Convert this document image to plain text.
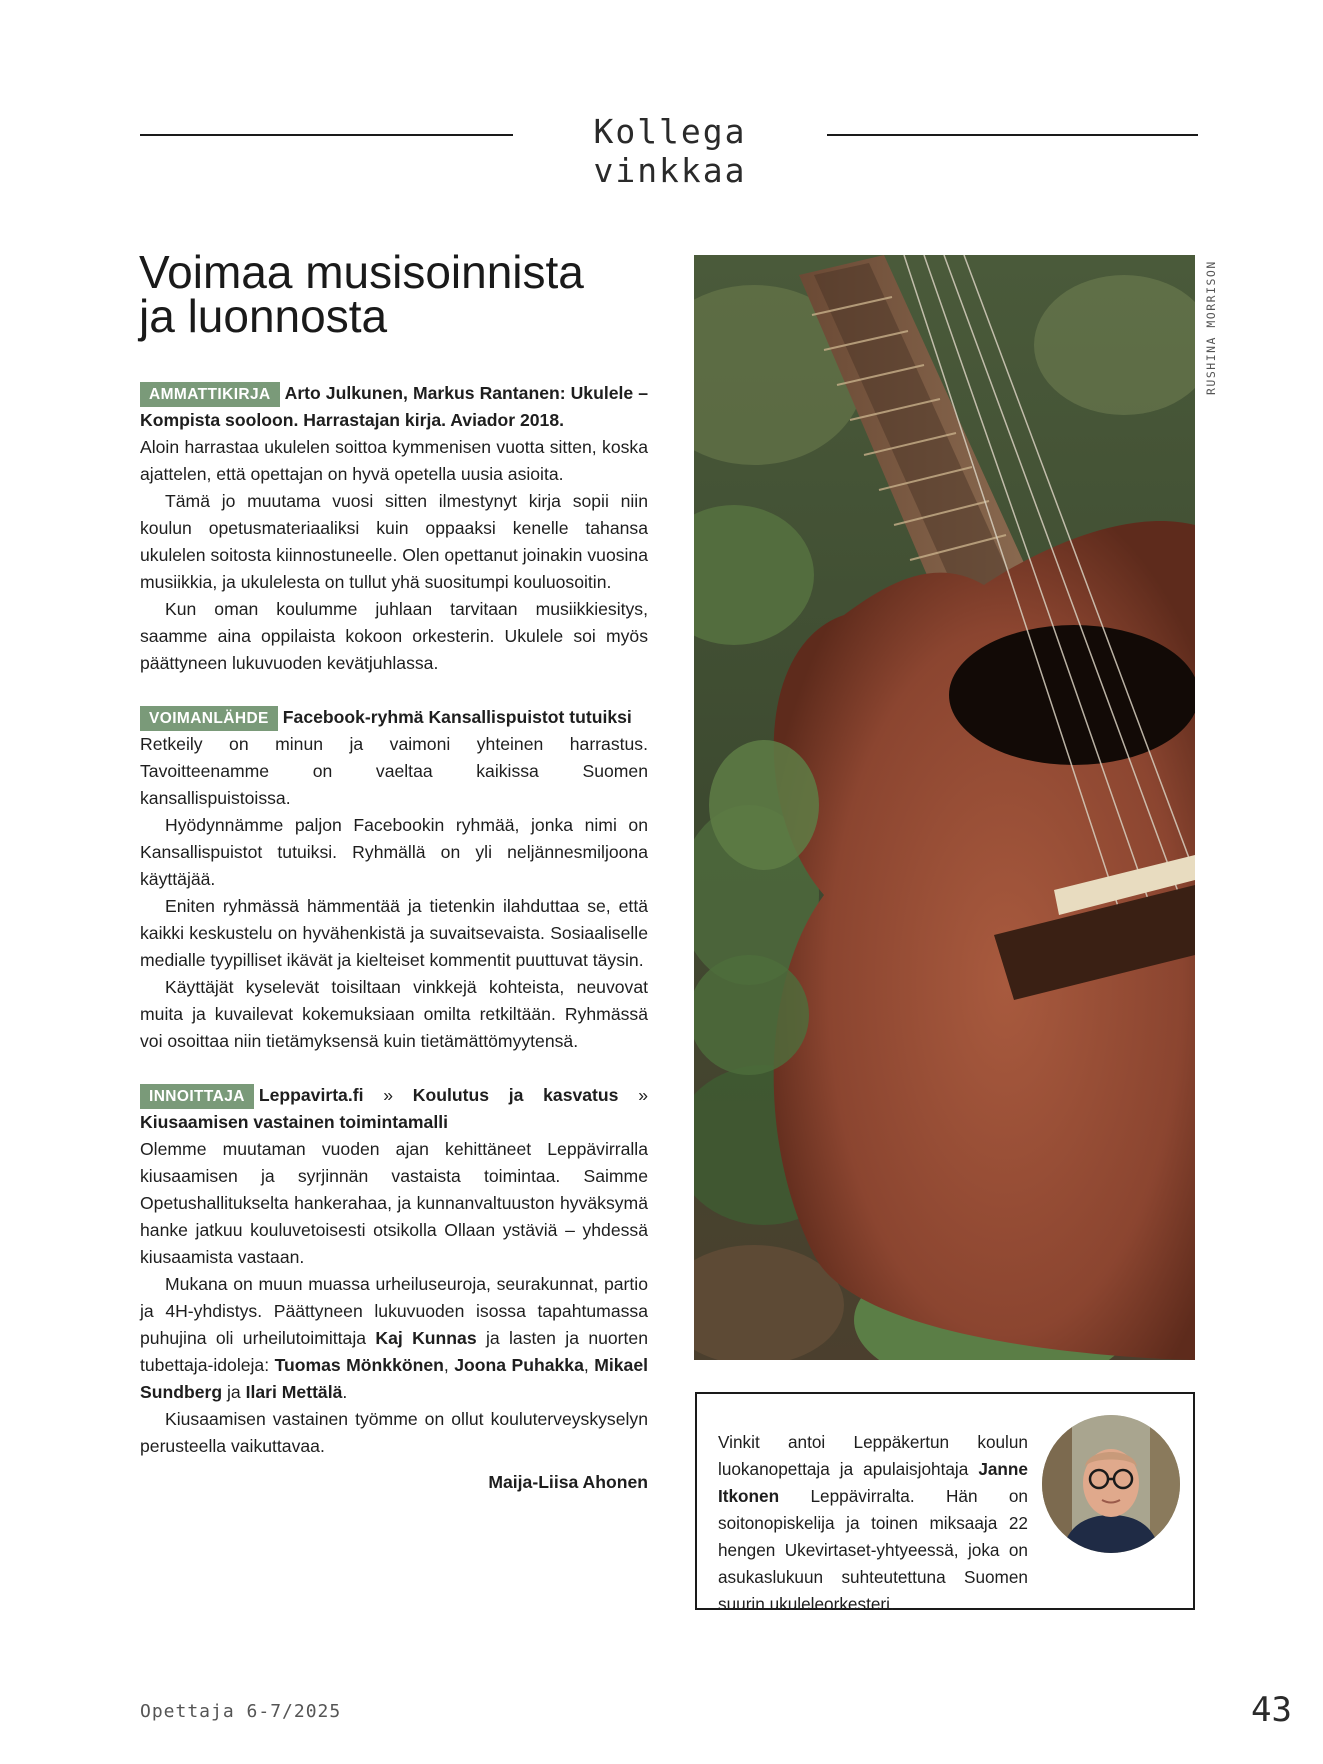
Kollega vinkkaa
Voimaa musisoinnista
ja luonnosta

AMMATTIKIRJA Arto Julkunen, Markus Rantanen: Ukulele – Kompista sooloon. Harrastajan kirja. Aviador 2018.

Aloin harrastaa ukulelen soittoa kymmenisen vuotta sitten, koska ajattelen, että opettajan on hyvä opetella uusia asioita.

Tämä jo muutama vuosi sitten ilmestynyt kirja sopii niin koulun opetusmateriaaliksi kuin oppaaksi kenelle tahansa ukulelen soitosta kiinnostuneelle. Olen opettanut joinakin vuosina musiikkia, ja ukulelesta on tullut yhä suositumpi kouluosoitin.

Kun oman koulumme juhlaan tarvitaan musiikkiesitys, saamme aina oppilaista kokoon orkesterin. Ukulele soi myös päättyneen lukuvuoden kevätjuhlassa.

VOIMANLÄHDE Facebook-ryhmä Kansallispuistot tutuiksi

Retkeily on minun ja vaimoni yhteinen harrastus. Tavoitteenamme on vaeltaa kaikissa Suomen kansallispuistoissa.

Hyödynnämme paljon Facebookin ryhmää, jonka nimi on Kansallispuistot tutuiksi. Ryhmällä on yli neljännesmiljoona käyttäjää.

Eniten ryhmässä hämmentää ja tietenkin ilahduttaa se, että kaikki keskustelu on hyvähenkistä ja suvaitsevaista. Sosiaaliselle medialle tyypilliset ikävät ja kielteiset kommentit puuttuvat täysin.

Käyttäjät kyselevät toisiltaan vinkkejä kohteista, neuvovat muita ja kuvailevat kokemuksiaan omilta retkiltään. Ryhmässä voi osoittaa niin tietämyksensä kuin tietämättömyytensä.

INNOITTAJA Leppavirta.fi » Koulutus ja kasvatus » Kiusaamisen vastainen toimintamalli

Olemme muutaman vuoden ajan kehittäneet Leppävirralla kiusaamisen ja syrjinnän vastaista toimintaa. Saimme Opetushallitukselta hankerahaa, ja kunnanvaltuuston hyväksymä hanke jatkuu kouluvetoisesti otsikolla Ollaan ystäviä – yhdessä kiusaamista vastaan.

Mukana on muun muassa urheiluseuroja, seurakunnat, partio ja 4H-yhdistys. Päättyneen lukuvuoden isossa tapahtumassa puhujina oli urheilutoimittaja Kaj Kunnas ja lasten ja nuorten tubettaja-idoleja: Tuomas Mönkkönen, Joona Puhakka, Mikael Sundberg ja Ilari Mettälä.

Kiusaamisen vastainen työmme on ollut kouluterveyskyselyn perusteella vaikuttavaa.

Maija-Liisa Ahonen

RUSHINA MORRISON

Vinkit antoi Leppäkertun koulun luokanopettaja ja apulaisjohtaja Janne Itkonen Leppävirralta. Hän on soitonopiskelija ja toinen miksaaja 22 hengen Ukevirtaset-yhtyeessä, joka on asukaslukuun suhteutettuna Suomen suurin ukuleleorkesteri.

Opettaja 6-7/2025	43
